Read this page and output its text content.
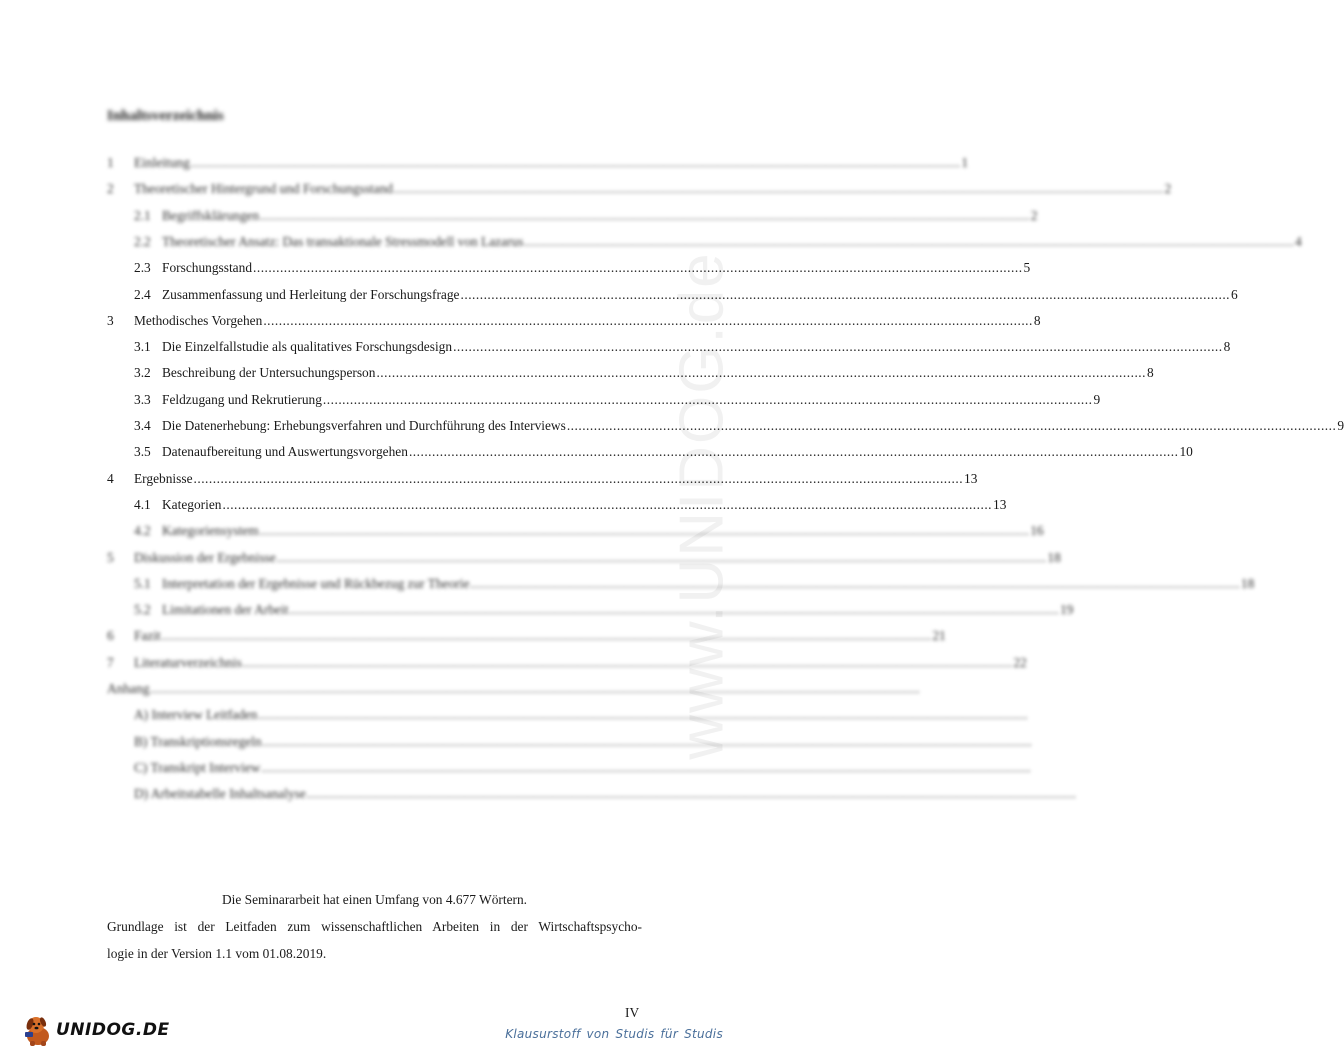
www.UNIDOG.de
Inhaltsverzeichnis
1	Einleitung ........................................................................................................................................................................................................ 1
2	Theoretischer Hintergrund und Forschungsstand ........................................................................................................................................................................................................ 2
2.1 Begriffsklärungen ........................................................................................................................................................................................................ 2
2.2 Theoretischer Ansatz: Das transaktionale Stressmodell von Lazarus ........................................................................................................................................................................................................ 4
2.3 Forschungsstand ........................................................................................................................................................................................................ 5
2.4 Zusammenfassung und Herleitung der Forschungsfrage ........................................................................................................................................................................................................ 6
3	Methodisches Vorgehen ........................................................................................................................................................................................................ 8
3.1 Die Einzelfallstudie als qualitatives Forschungsdesign ........................................................................................................................................................................................................ 8
3.2 Beschreibung der Untersuchungsperson ........................................................................................................................................................................................................ 8
3.3 Feldzugang und Rekrutierung ........................................................................................................................................................................................................ 9
3.4 Die Datenerhebung: Erhebungsverfahren und Durchführung des Interviews ........................................................................................................................................................................................................ 9
3.5 Datenaufbereitung und Auswertungsvorgehen ........................................................................................................................................................................................................ 10
4	Ergebnisse ........................................................................................................................................................................................................ 13
4.1 Kategorien ........................................................................................................................................................................................................ 13
4.2 Kategoriensystem ........................................................................................................................................................................................................ 16
5	Diskussion der Ergebnisse ........................................................................................................................................................................................................ 18
5.1 Interpretation der Ergebnisse und Rückbezug zur Theorie ........................................................................................................................................................................................................ 18
5.2 Limitationen der Arbeit ........................................................................................................................................................................................................ 19
6	Fazit ........................................................................................................................................................................................................ 21
7	Literaturverzeichnis ........................................................................................................................................................................................................ 22
Anhang ........................................................................................................................................................................................................
A) Interview Leitfaden ........................................................................................................................................................................................................
B) Transkriptionsregeln ........................................................................................................................................................................................................
C) Transkript Interview ........................................................................................................................................................................................................
D) Arbeitstabelle Inhaltsanalyse ........................................................................................................................................................................................................
Die Seminararbeit hat einen Umfang von 4.677 Wörtern.
Grundlage ist der Leitfaden zum wissenschaftlichen Arbeiten in der Wirtschaftspsycho-
logie in der Version 1.1 vom 01.08.2019.
IV
UNIDOG.DE	Klausurstoff von Studis für Studis
